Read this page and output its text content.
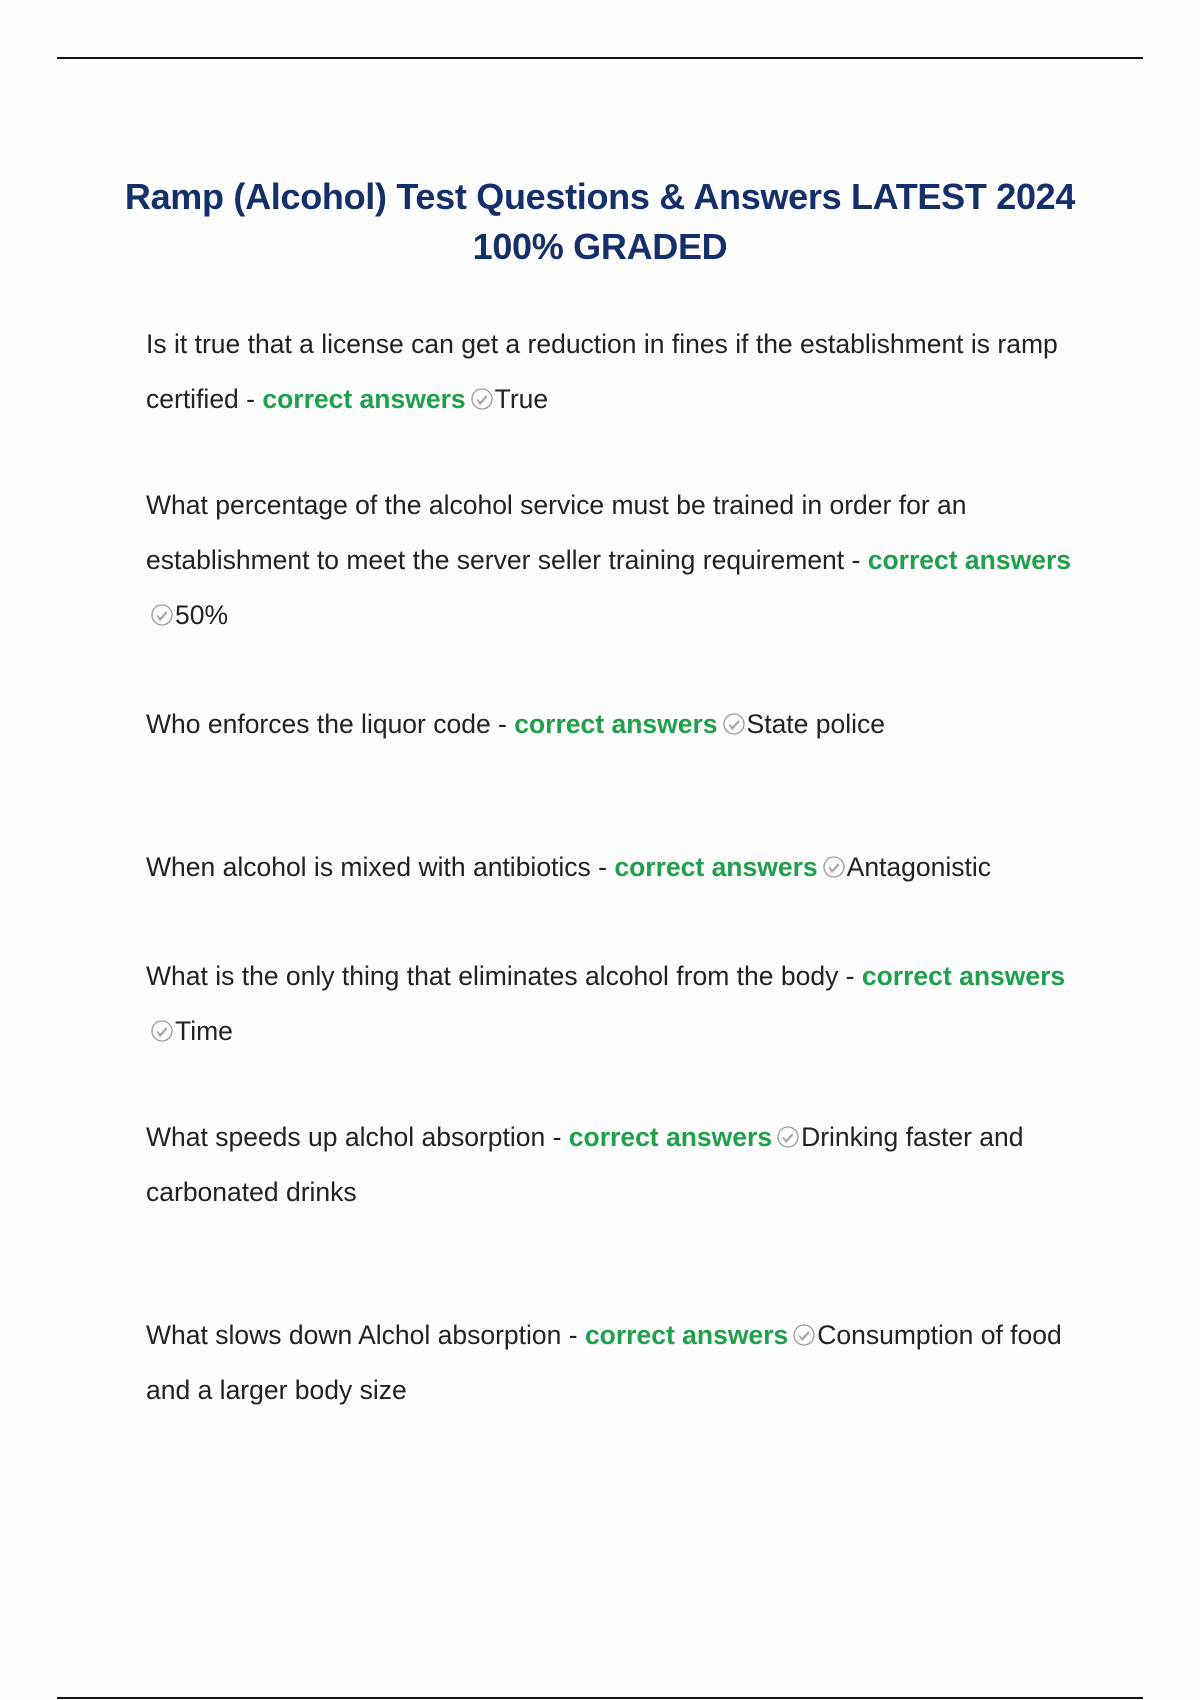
Ramp (Alcohol) Test Questions & Answers LATEST 2024
100% GRADED

Is it true that a license can get a reduction in fines if the establishment is ramp certified - correct answers True

What percentage of the alcohol service must be trained in order for an establishment to meet the server seller training requirement - correct answers
50%

Who enforces the liquor code - correct answers State police

When alcohol is mixed with antibiotics - correct answers Antagonistic

What is the only thing that eliminates alcohol from the body - correct answers
Time

What speeds up alchol absorption - correct answers Drinking faster and carbonated drinks

What slows down Alchol absorption - correct answers Consumption of food and a larger body size
